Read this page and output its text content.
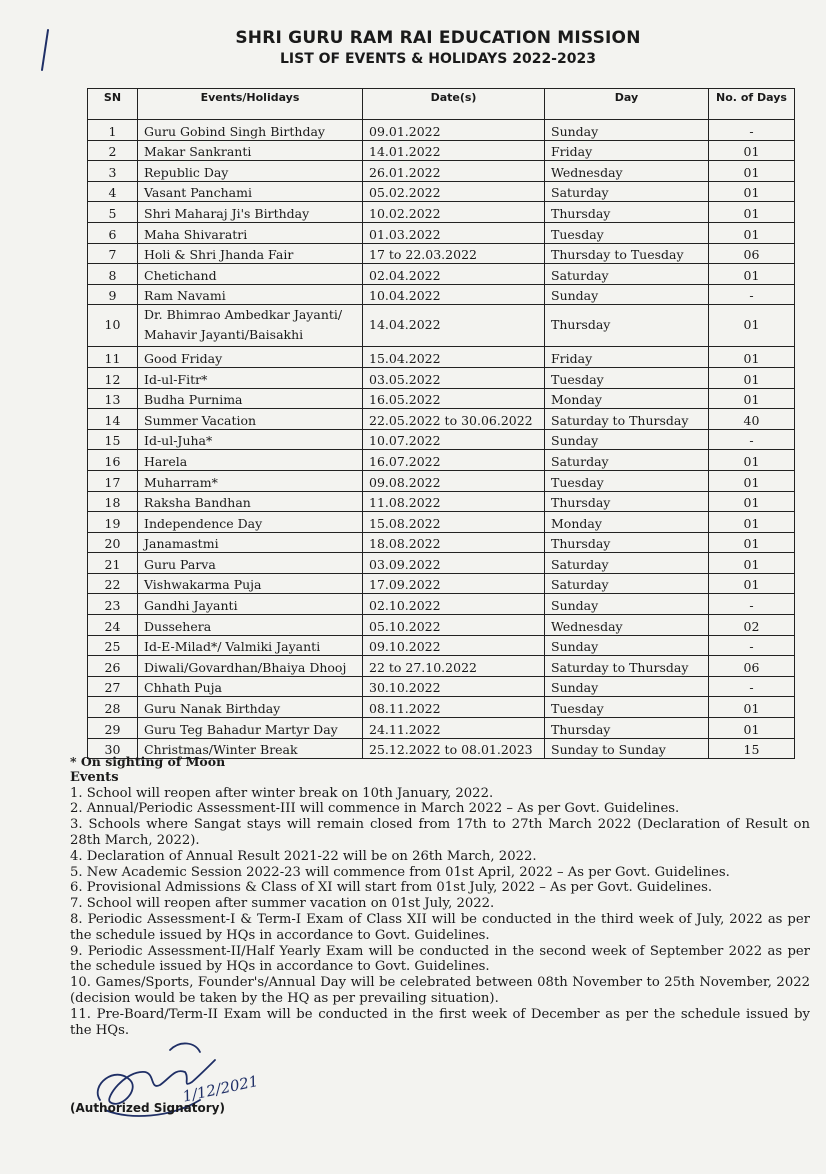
SHRI GURU RAM RAI EDUCATION MISSION
LIST OF EVENTS & HOLIDAYS 2022-2023
SN	Events/Holidays	Date(s)	Day	No. of Days
1	Guru Gobind Singh Birthday	09.01.2022	Sunday	-
2	Makar Sankranti	14.01.2022	Friday	01
3	Republic Day	26.01.2022	Wednesday	01
4	Vasant Panchami	05.02.2022	Saturday	01
5	Shri Maharaj Ji's Birthday	10.02.2022	Thursday	01
6	Maha Shivaratri	01.03.2022	Tuesday	01
7	Holi & Shri Jhanda Fair	17 to 22.03.2022	Thursday to Tuesday	06
8	Chetichand	02.04.2022	Saturday	01
9	Ram Navami	10.04.2022	Sunday	-
10	Dr. Bhimrao Ambedkar Jayanti/ Mahavir Jayanti/Baisakhi	14.04.2022	Thursday	01
11	Good Friday	15.04.2022	Friday	01
12	Id-ul-Fitr*	03.05.2022	Tuesday	01
13	Budha Purnima	16.05.2022	Monday	01
14	Summer Vacation	22.05.2022 to 30.06.2022	Saturday to Thursday	40
15	Id-ul-Juha*	10.07.2022	Sunday	-
16	Harela	16.07.2022	Saturday	01
17	Muharram*	09.08.2022	Tuesday	01
18	Raksha Bandhan	11.08.2022	Thursday	01
19	Independence Day	15.08.2022	Monday	01
20	Janamastmi	18.08.2022	Thursday	01
21	Guru Parva	03.09.2022	Saturday	01
22	Vishwakarma Puja	17.09.2022	Saturday	01
23	Gandhi Jayanti	02.10.2022	Sunday	-
24	Dussehera	05.10.2022	Wednesday	02
25	Id-E-Milad*/ Valmiki Jayanti	09.10.2022	Sunday	-
26	Diwali/Govardhan/Bhaiya Dhooj	22 to 27.10.2022	Saturday to Thursday	06
27	Chhath Puja	30.10.2022	Sunday	-
28	Guru Nanak Birthday	08.11.2022	Tuesday	01
29	Guru Teg Bahadur Martyr Day	24.11.2022	Thursday	01
30	Christmas/Winter Break	25.12.2022 to 08.01.2023	Sunday to Sunday	15
* On sighting of Moon
Events
1. School will reopen after winter break on 10th January, 2022.
2. Annual/Periodic Assessment-III will commence in March 2022 – As per Govt. Guidelines.
3. Schools where Sangat stays will remain closed from 17th to 27th March 2022 (Declaration of Result on 28th March, 2022).
4. Declaration of Annual Result 2021-22 will be on 26th March, 2022.
5. New Academic Session 2022-23 will commence from 01st April, 2022 – As per Govt. Guidelines.
6. Provisional Admissions & Class of XI will start from 01st July, 2022 – As per Govt. Guidelines.
7. School will reopen after summer vacation on 01st July, 2022.
8. Periodic Assessment-I & Term-I Exam of Class XII will be conducted in the third week of July, 2022 as per the schedule issued by HQs in accordance to Govt. Guidelines.
9. Periodic Assessment-II/Half Yearly Exam will be conducted in the second week of September 2022 as per the schedule issued by HQs in accordance to Govt. Guidelines.
10. Games/Sports, Founder's/Annual Day will be celebrated between 08th November to 25th November, 2022 (decision would be taken by the HQ as per prevailing situation).
11. Pre-Board/Term-II Exam will be conducted in the first week of December as per the schedule issued by the HQs.
1/12/2021
(Authorized Signatory)
